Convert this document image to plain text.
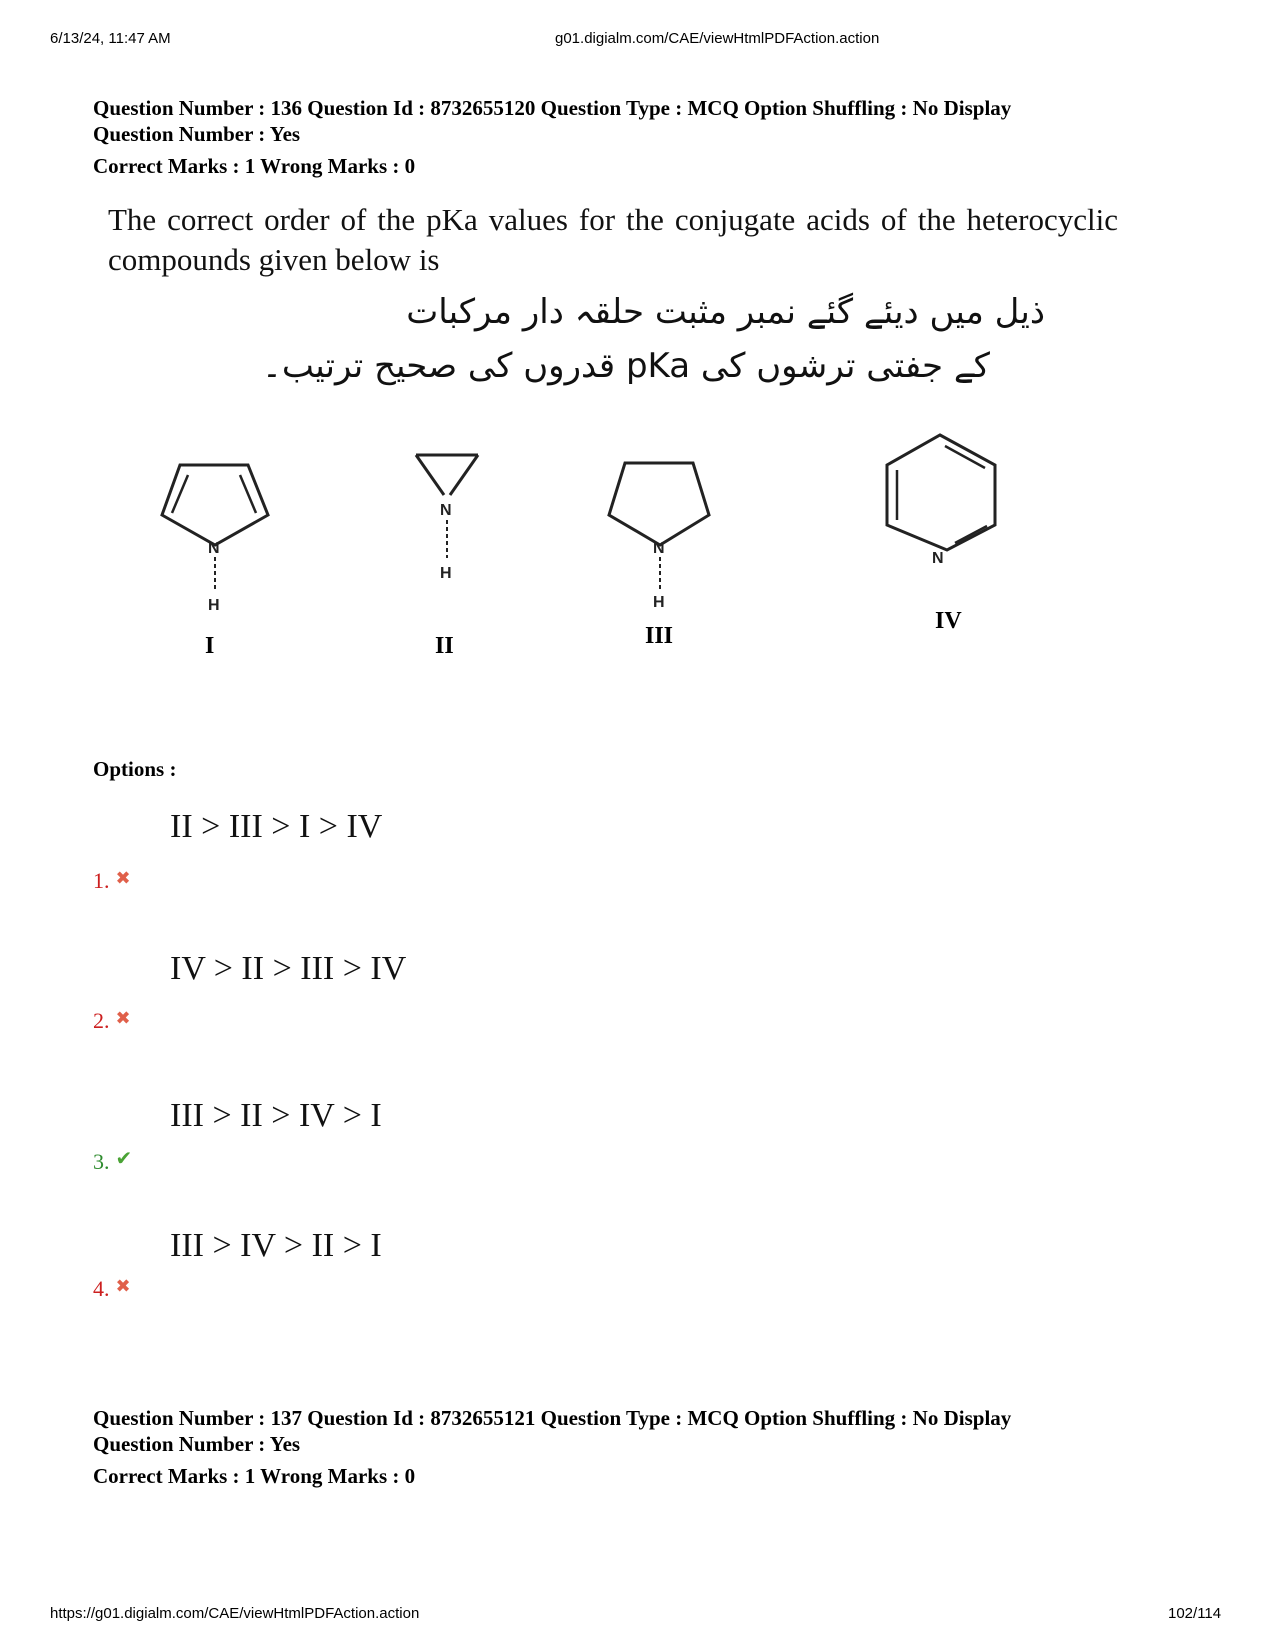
6/13/24, 11:47 AM	g01.digialm.com/CAE/viewHtmlPDFAction.action
https://g01.digialm.com/CAE/viewHtmlPDFAction.action	102/114
Question Number : 136 Question Id : 8732655120 Question Type : MCQ Option Shuffling : No Display
Question Number : Yes
Correct Marks : 1 Wrong Marks : 0
The correct order of the pKa values for the conjugate acids of the heterocyclic compounds given below is
ذیل میں دیئے گئے نمبر مثبت حلقہ دار مرکبات
کے جفتی ترشوں کی pKa قدروں کی صحیح ترتیب۔
N
H
I
N
H
II
N
H
III
N
IV
Options :
II > III > I > IV
1. ✖
IV > II > III > IV
2. ✖
III > II > IV > I
3. ✔
III > IV > II > I
4. ✖
Question Number : 137 Question Id : 8732655121 Question Type : MCQ Option Shuffling : No Display
Question Number : Yes
Correct Marks : 1 Wrong Marks : 0
